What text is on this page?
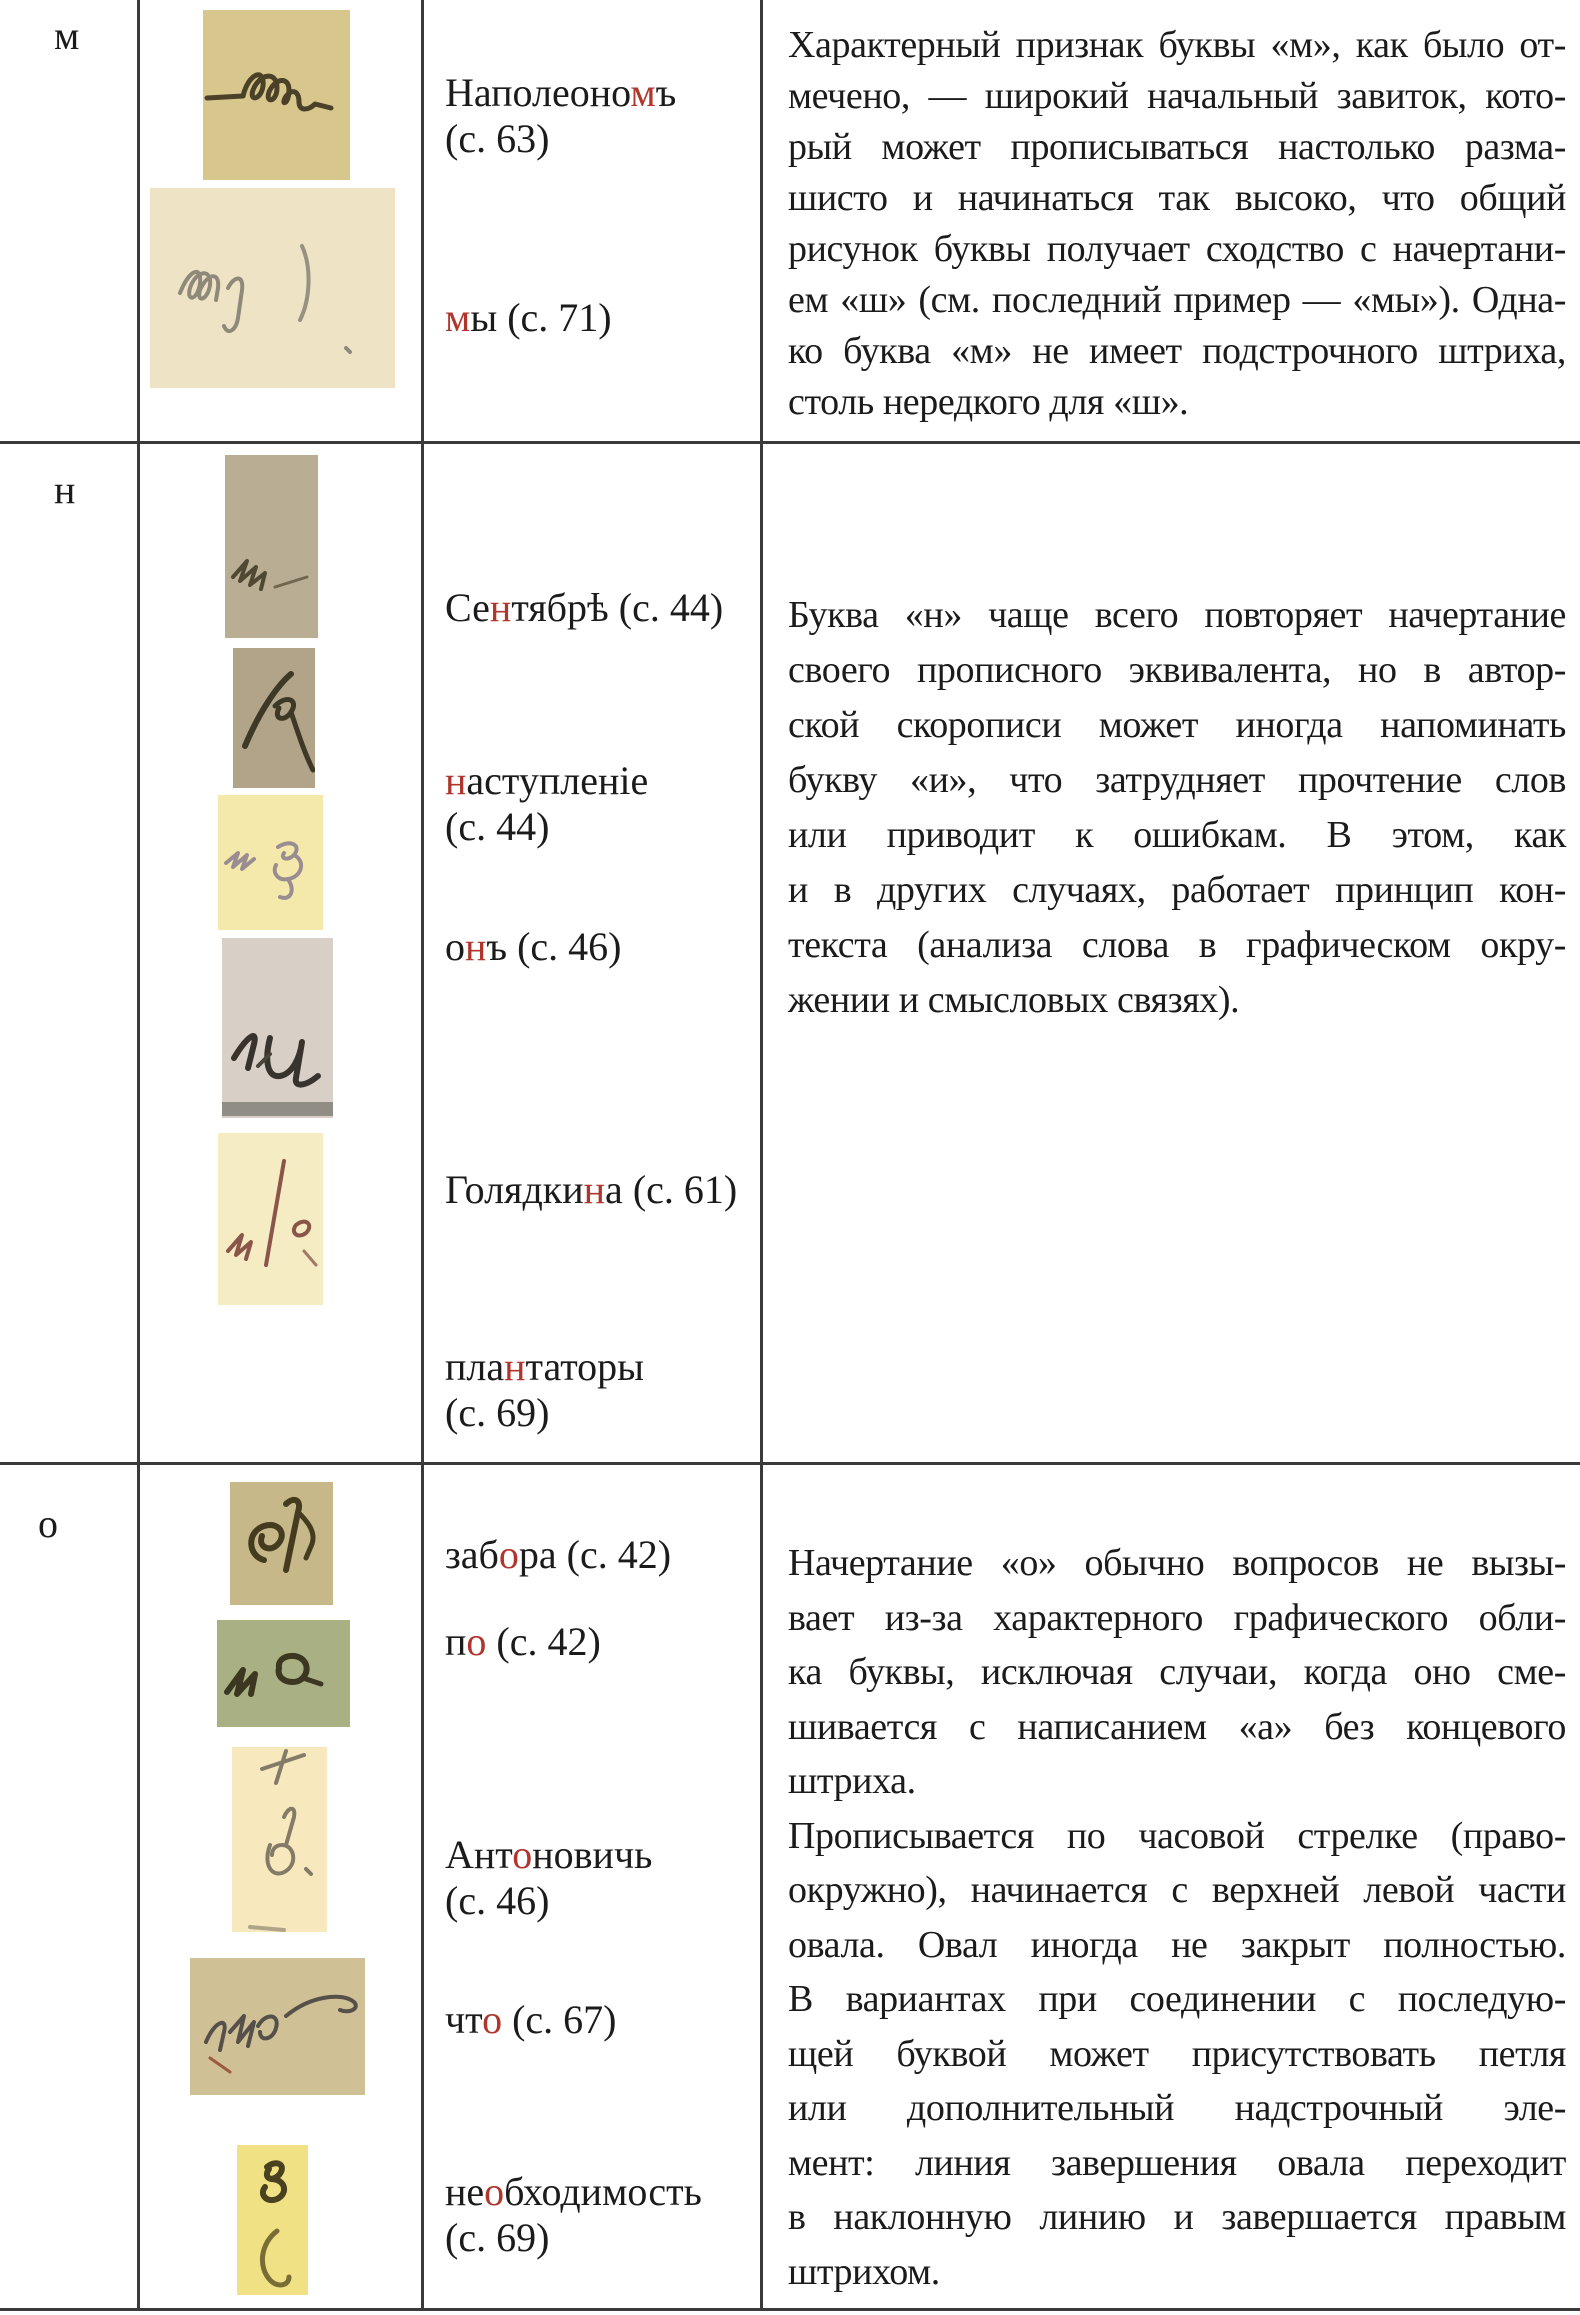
м
Наполеономъ
(с. 63)
мы (с. 71)
Характерный признак буквы «м», как было от-
мечено, — широкий начальный завиток, кото-
рый может прописываться настолько разма-
шисто и начинаться так высоко, что общий
рисунок буквы получает сходство с начертани-
ем «ш» (см. последний пример — «мы»). Одна-
ко буква «м» не имеет подстрочного штриха,
столь нередкого для «ш».
н
Сентябрѣ (с. 44)
наступленіе
(с. 44)
онъ (с. 46)
Голядкина (с. 61)
плантаторы
(с. 69)
Буква «н» чаще всего повторяет начертание
своего прописного эквивалента, но в автор-
ской скорописи может иногда напоминать
букву «и», что затрудняет прочтение слов
или приводит к ошибкам. В этом, как
и в других случаях, работает принцип кон-
текста (анализа слова в графическом окру-
жении и смысловых связях).
о
забора (с. 42)
по (с. 42)
Антоновичь
(с. 46)
что (с. 67)
необходимость
(с. 69)
Начертание «о» обычно вопросов не вызы-
вает из-за характерного графического обли-
ка буквы, исключая случаи, когда оно сме-
шивается с написанием «а» без концевого
штриха.
Прописывается по часовой стрелке (право-
окружно), начинается с верхней левой части
овала. Овал иногда не закрыт полностью.
В вариантах при соединении с последую-
щей буквой может присутствовать петля
или дополнительный надстрочный эле-
мент: линия завершения овала переходит
в наклонную линию и завершается правым
штрихом.
